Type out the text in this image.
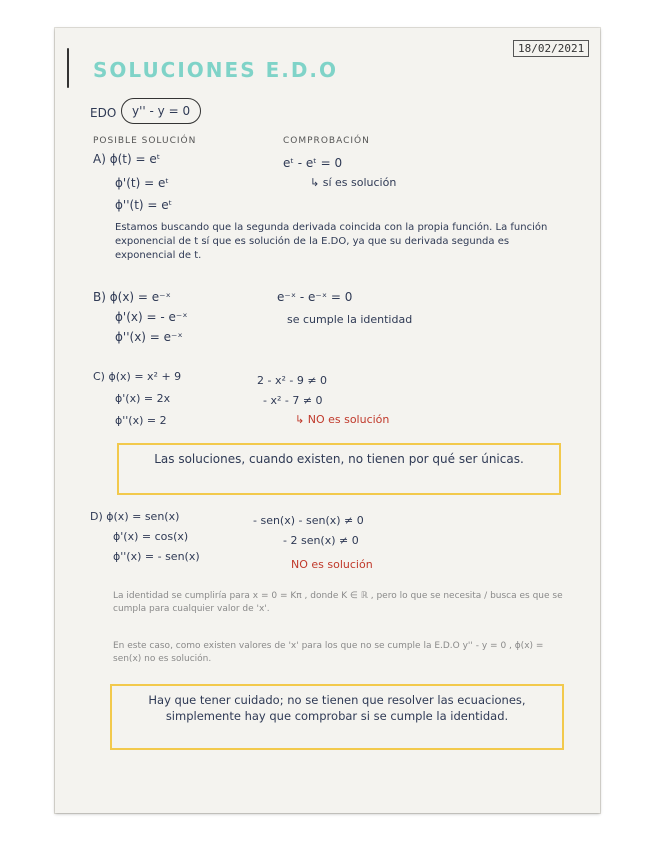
18/02/2021
SOLUCIONES E.D.O
EDO	y'' - y = 0
POSIBLE SOLUCIÓN	COMPROBACIÓN
A) ϕ(t) = eᵗ
ϕ'(t) = eᵗ
ϕ''(t) = eᵗ
eᵗ - eᵗ = 0
↳ sí es solución
Estamos buscando que la segunda derivada coincida con la propia función. La función exponencial de t sí que es solución de la E.DO, ya que su derivada segunda es exponencial de t.
B) ϕ(x) = e⁻ˣ
ϕ'(x) = - e⁻ˣ
ϕ''(x) = e⁻ˣ
e⁻ˣ - e⁻ˣ = 0
se cumple la identidad
C) ϕ(x) = x² + 9
ϕ'(x) = 2x
ϕ''(x) = 2
2 - x² - 9 ≠ 0
- x² - 7 ≠ 0
↳ NO es solución
Las soluciones, cuando existen, no tienen por qué ser únicas.
D) ϕ(x) = sen(x)
ϕ'(x) = cos(x)
ϕ''(x) = - sen(x)
- sen(x) - sen(x) ≠ 0
- 2 sen(x) ≠ 0
NO es solución
La identidad se cumpliría para x = 0 = Kπ , donde K ∈ ℝ , pero lo que se necesita / busca es que se cumpla para cualquier valor de 'x'.
En este caso, como existen valores de 'x' para los que no se cumple la E.D.O y'' - y = 0 , ϕ(x) = sen(x) no es solución.
Hay que tener cuidado; no se tienen que resolver las ecuaciones, simplemente hay que comprobar si se cumple la identidad.
